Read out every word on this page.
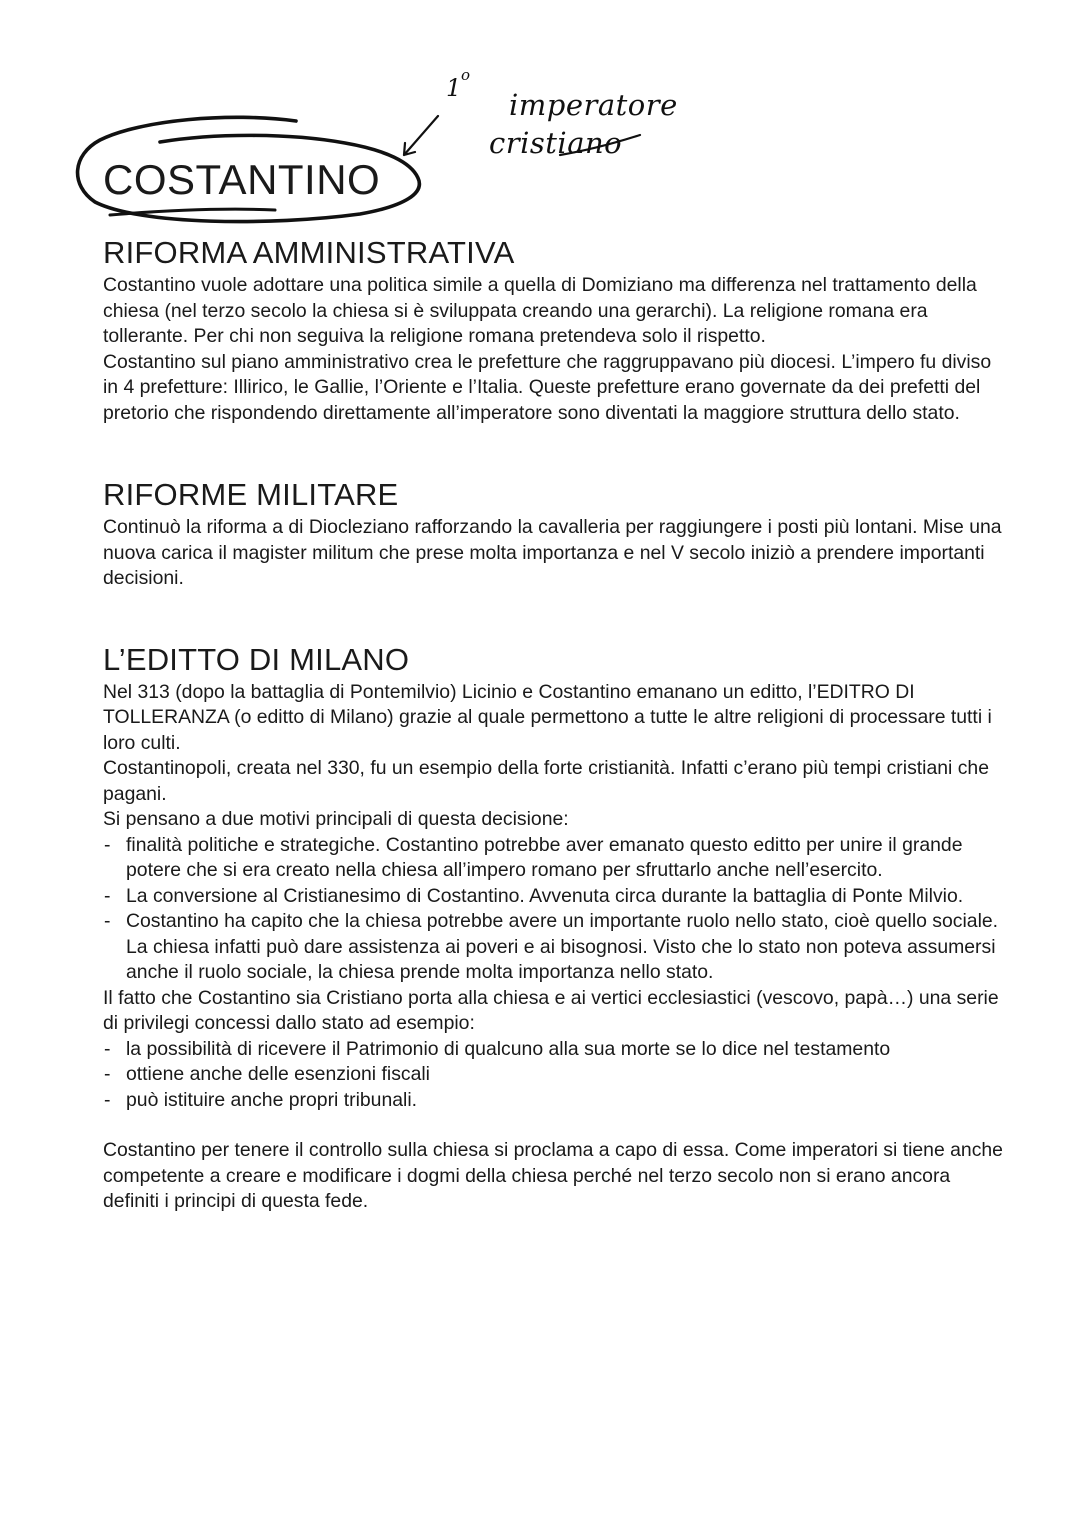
1 o
imperatore
cristiano
COSTANTINO
RIFORMA AMMINISTRATIVA

Costantino vuole adottare una politica simile a quella di Domiziano ma differenza nel trattamento della chiesa (nel terzo secolo la chiesa si è sviluppata creando una gerarchi). La religione romana era tollerante. Per chi non seguiva la religione romana pretendeva solo il rispetto.

Costantino sul piano amministrativo crea le prefetture che raggruppavano più diocesi. L’impero fu diviso in 4 prefetture: Illirico, le Gallie, l’Oriente e l’Italia. Queste prefetture erano governate da dei prefetti del pretorio che rispondendo direttamente all’imperatore sono diventati la maggiore struttura dello stato.

RIFORME MILITARE

Continuò la riforma a di Diocleziano rafforzando la cavalleria per raggiungere i posti più lontani. Mise una nuova carica il magister militum che prese molta importanza e nel V secolo iniziò a prendere importanti decisioni.

L’EDITTO DI MILANO

Nel 313 (dopo la battaglia di Pontemilvio) Licinio e Costantino emanano un editto, l’EDITRO DI TOLLERANZA (o editto di Milano) grazie al quale permettono a tutte le altre religioni di processare tutti i loro culti.

Costantinopoli, creata nel 330, fu un esempio della forte cristianità. Infatti c’erano più tempi cristiani che pagani.

Si pensano a due motivi principali di questa decisione:

- finalità politiche e strategiche. Costantino potrebbe aver emanato questo editto per unire il grande potere che si era creato nella chiesa all’impero romano per sfruttarlo anche nell’esercito.
- La conversione al Cristianesimo di Costantino. Avvenuta circa durante la battaglia di Ponte Milvio.
- Costantino ha capito che la chiesa potrebbe avere un importante ruolo nello stato, cioè quello sociale. La chiesa infatti può dare assistenza ai poveri e ai bisognosi. Visto che lo stato non poteva assumersi anche il ruolo sociale, la chiesa prende molta importanza nello stato.

Il fatto che Costantino sia Cristiano porta alla chiesa e ai vertici ecclesiastici (vescovo, papà…) una serie di privilegi concessi dallo stato ad esempio:

- la possibilità di ricevere il Patrimonio di qualcuno alla sua morte se lo dice nel testamento
- ottiene anche delle esenzioni fiscali
- può istituire anche propri tribunali.

Costantino per tenere il controllo sulla chiesa si proclama a capo di essa. Come imperatori si tiene anche competente a creare e modificare i dogmi della chiesa perché nel terzo secolo non si erano ancora definiti i principi di questa fede.
